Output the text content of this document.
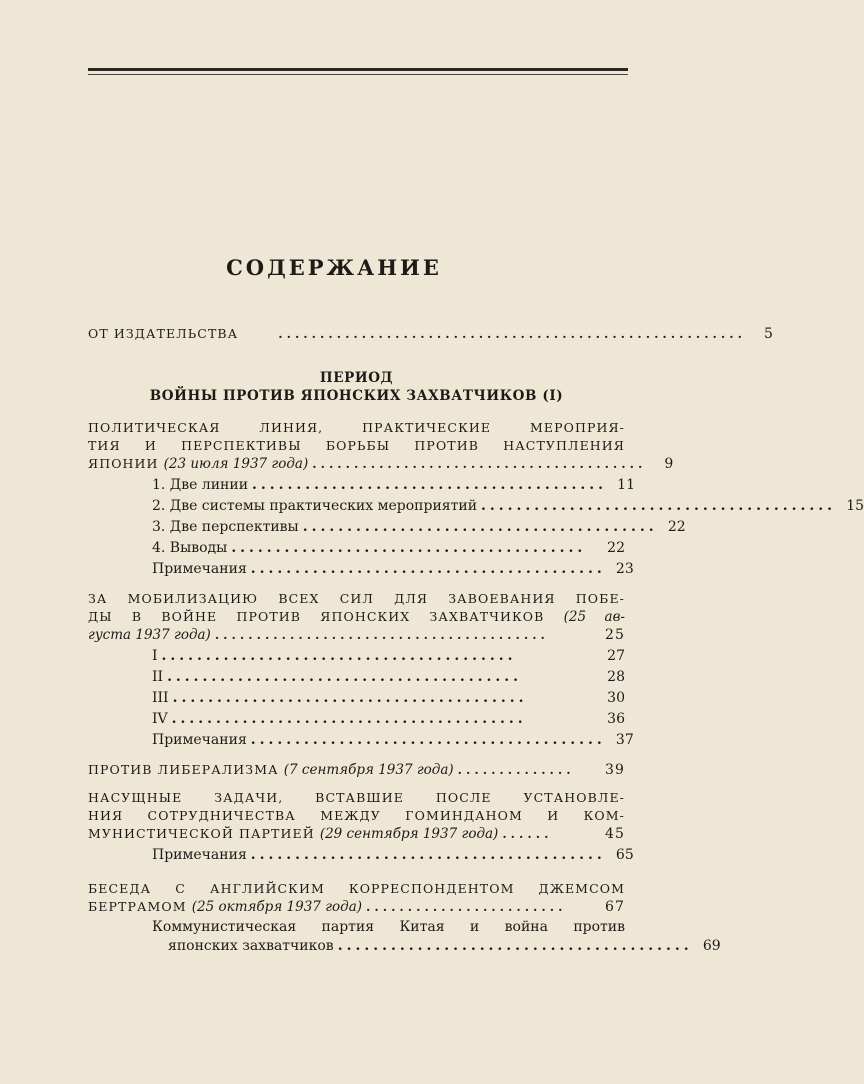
СОДЕРЖАНИЕ
ОТ ИЗДАТЕЛЬСТВА	........................................................	5
ПЕРИОД
ВОЙНЫ ПРОТИВ ЯПОНСКИХ ЗАХВАТЧИКОВ (I)
ПОЛИТИЧЕСКАЯ ЛИНИЯ, ПРАКТИЧЕСКИЕ МЕРОПРИЯ-
ТИЯ И ПЕРСПЕКТИВЫ БОРЬБЫ ПРОТИВ НАСТУПЛЕНИЯ
ЯПОНИИ (23 июля 1937 года) ........................................	9
1. Две линии ........................................ 11
2. Две системы практических мероприятий ........................................ 15
3. Две перспективы ........................................ 22
4. Выводы ........................................	22
Примечания ........................................ 23
ЗА МОБИЛИЗАЦИЮ ВСЕХ СИЛ ДЛЯ ЗАВОЕВАНИЯ ПОБЕ-
ДЫ В ВОЙНЕ ПРОТИВ ЯПОНСКИХ ЗАХВАТЧИКОВ (25 ав-
густа 1937 года) ........................................	25
I ........................................	27
II ........................................	28
III ........................................	30
IV ........................................	36
Примечания ........................................ 37
ПРОТИВ ЛИБЕРАЛИЗМА (7 сентября 1937 года) ..............	39
НАСУЩНЫЕ ЗАДАЧИ, ВСТАВШИЕ ПОСЛЕ УСТАНОВЛЕ-
НИЯ СОТРУДНИЧЕСТВА МЕЖДУ ГОМИНДАНОМ И КОМ-
МУНИСТИЧЕСКОЙ ПАРТИЕЙ (29 сентября 1937 года) ......	45
Примечания ........................................ 65
БЕСЕДА С АНГЛИЙСКИМ КОРРЕСПОНДЕНТОМ ДЖЕМСОМ
БЕРТРАМОМ (25 октября 1937 года) ........................	67
Коммунистическая партия Китая и война против
японских захватчиков ........................................ 69
